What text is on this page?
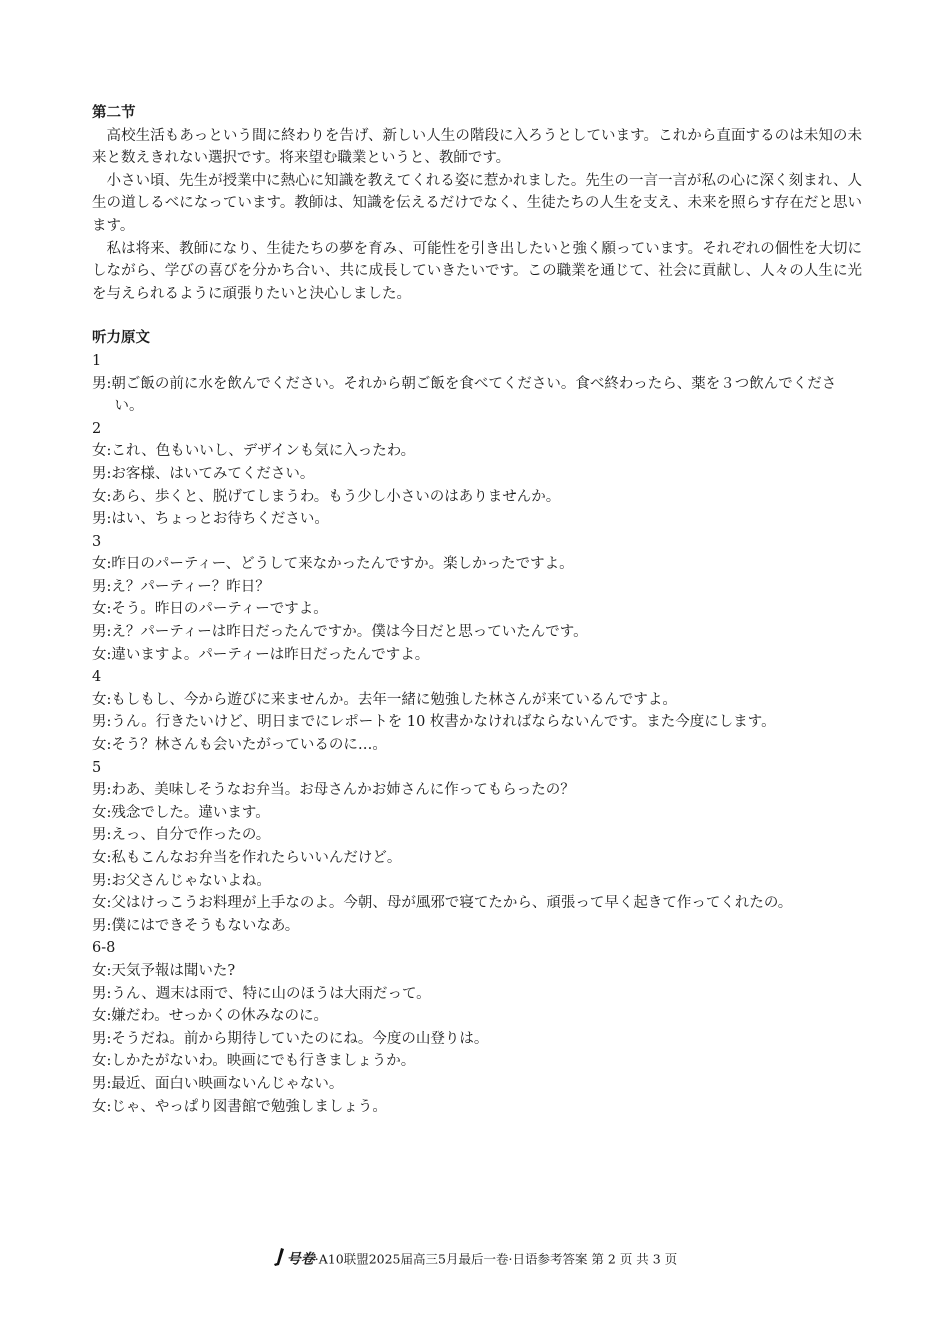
第二节

高校生活もあっという間に終わりを告げ、新しい人生の階段に入ろうとしています。これから直面するのは未知の未来と数えきれない選択です。将来望む職業というと、教師です。

小さい頃、先生が授業中に熱心に知識を教えてくれる姿に惹かれました。先生の一言一言が私の心に深く刻まれ、人生の道しるべになっています。教師は、知識を伝えるだけでなく、生徒たちの人生を支え、未来を照らす存在だと思います。

私は将来、教師になり、生徒たちの夢を育み、可能性を引き出したいと強く願っています。それぞれの個性を大切にしながら、学びの喜びを分かち合い、共に成長していきたいです。この職業を通じて、社会に貢献し、人々の人生に光を与えられるように頑張りたいと決心しました。

听力原文

1

男:朝ご飯の前に水を飲んでください。それから朝ご飯を食べてください。食べ終わったら、薬を３つ飲んでください。

2

女:これ、色もいいし、デザインも気に入ったわ。

男:お客様、はいてみてください。

女:あら、歩くと、脱げてしまうわ。もう少し小さいのはありませんか。

男:はい、ちょっとお待ちください。

3

女:昨日のパーティー、どうして来なかったんですか。楽しかったですよ。

男:え？パーティー？昨日？

女:そう。昨日のパーティーですよ。

男:え？パーティーは昨日だったんですか。僕は今日だと思っていたんです。

女:違いますよ。パーティーは昨日だったんですよ。

4

女:もしもし、今から遊びに来ませんか。去年一緒に勉強した林さんが来ているんですよ。

男:うん。行きたいけど、明日までにレポートを 10 枚書かなければならないんです。また今度にします。

女:そう？林さんも会いたがっているのに…。

5

男:わあ、美味しそうなお弁当。お母さんかお姉さんに作ってもらったの？

女:残念でした。違います。

男:えっ、自分で作ったの。

女:私もこんなお弁当を作れたらいいんだけど。

男:お父さんじゃないよね。

女:父はけっこうお料理が上手なのよ。今朝、母が風邪で寝てたから、頑張って早く起きて作ってくれたの。

男:僕にはできそうもないなあ。

6-8

女:天気予報は聞いた?

男:うん、週末は雨で、特に山のほうは大雨だって。

女:嫌だわ。せっかくの休みなのに。

男:そうだね。前から期待していたのにね。今度の山登りは。

女:しかたがないわ。映画にでも行きましょうか。

男:最近、面白い映画ないんじゃない。

女:じゃ、やっぱり図書館で勉強しましょう。

号卷·A10联盟2025届高三5月最后一卷·日语参考答案 第 2 页 共 3 页
